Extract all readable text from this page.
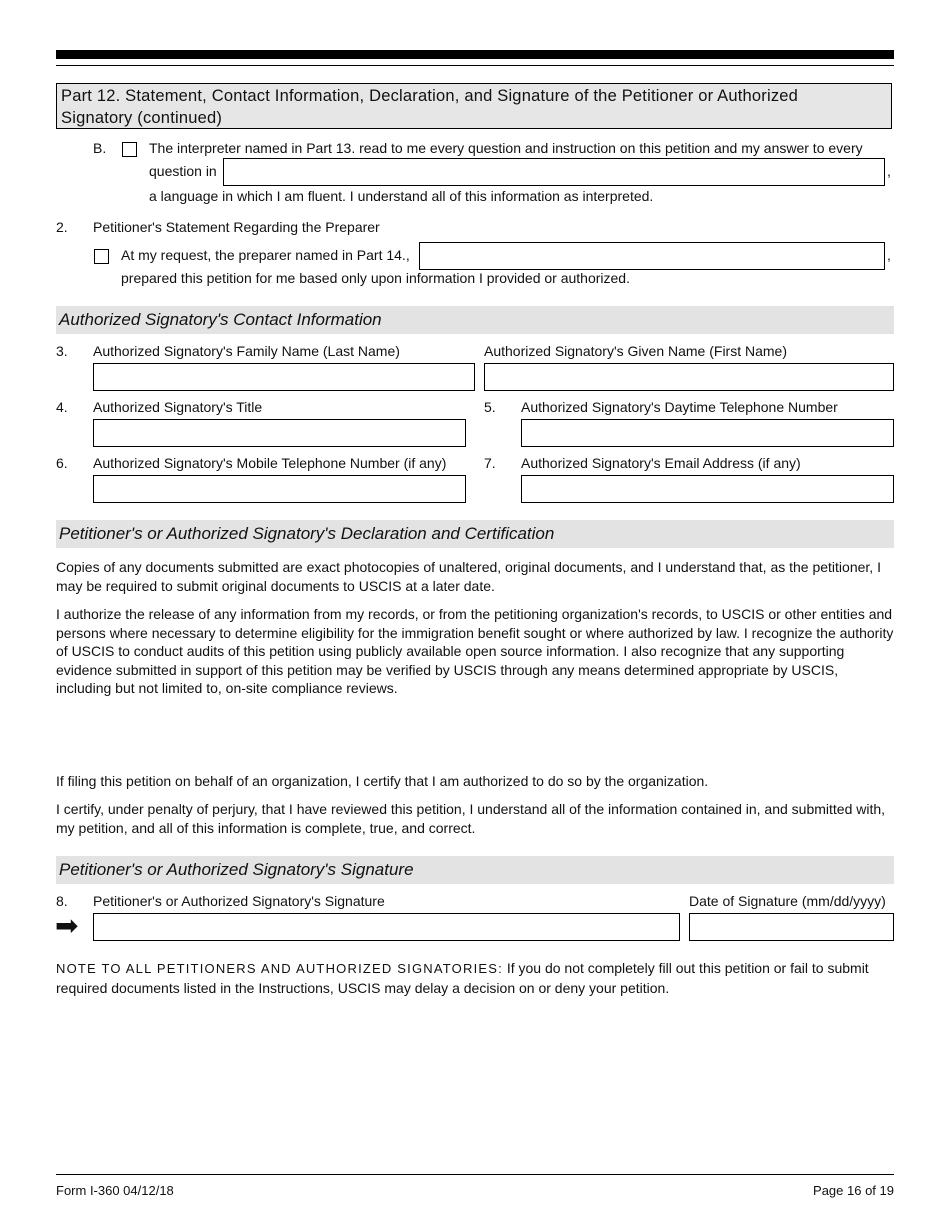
Part 12. Statement, Contact Information, Declaration, and Signature of the Petitioner or Authorized
Signatory (continued)
B.	The interpreter named in Part 13. read to me every question and instruction on this petition and my answer to every
question in	,
a language in which I am fluent. I understand all of this information as interpreted.
2. Petitioner's Statement Regarding the Preparer
At my request, the preparer named in Part 14.,	,
prepared this petition for me based only upon information I provided or authorized.
Authorized Signatory's Contact Information
3. Authorized Signatory's Family Name (Last Name)	Authorized Signatory's Given Name (First Name)
4. Authorized Signatory's Title	5. Authorized Signatory's Daytime Telephone Number
6. Authorized Signatory's Mobile Telephone Number (if any)	7. Authorized Signatory's Email Address (if any)
Petitioner's or Authorized Signatory's Declaration and Certification
Copies of any documents submitted are exact photocopies of unaltered, original documents, and I understand that, as the petitioner, I may be required to submit original documents to USCIS at a later date.
I authorize the release of any information from my records, or from the petitioning organization's records, to USCIS or other entities and persons where necessary to determine eligibility for the immigration benefit sought or where authorized by law. I recognize the authority of USCIS to conduct audits of this petition using publicly available open source information. I also recognize that any supporting evidence submitted in support of this petition may be verified by USCIS through any means determined appropriate by USCIS, including but not limited to, on-site compliance reviews.
If filing this petition on behalf of an organization, I certify that I am authorized to do so by the organization.
I certify, under penalty of perjury, that I have reviewed this petition, I understand all of the information contained in, and submitted with, my petition, and all of this information is complete, true, and correct.
Petitioner's or Authorized Signatory's Signature
8. Petitioner's or Authorized Signatory's Signature	Date of Signature (mm/dd/yyyy)
➡
NOTE TO ALL PETITIONERS AND AUTHORIZED SIGNATORIES: If you do not completely fill out this petition or fail to submit required documents listed in the Instructions, USCIS may delay a decision on or deny your petition.
Form I-360 04/12/18	Page 16 of 19
